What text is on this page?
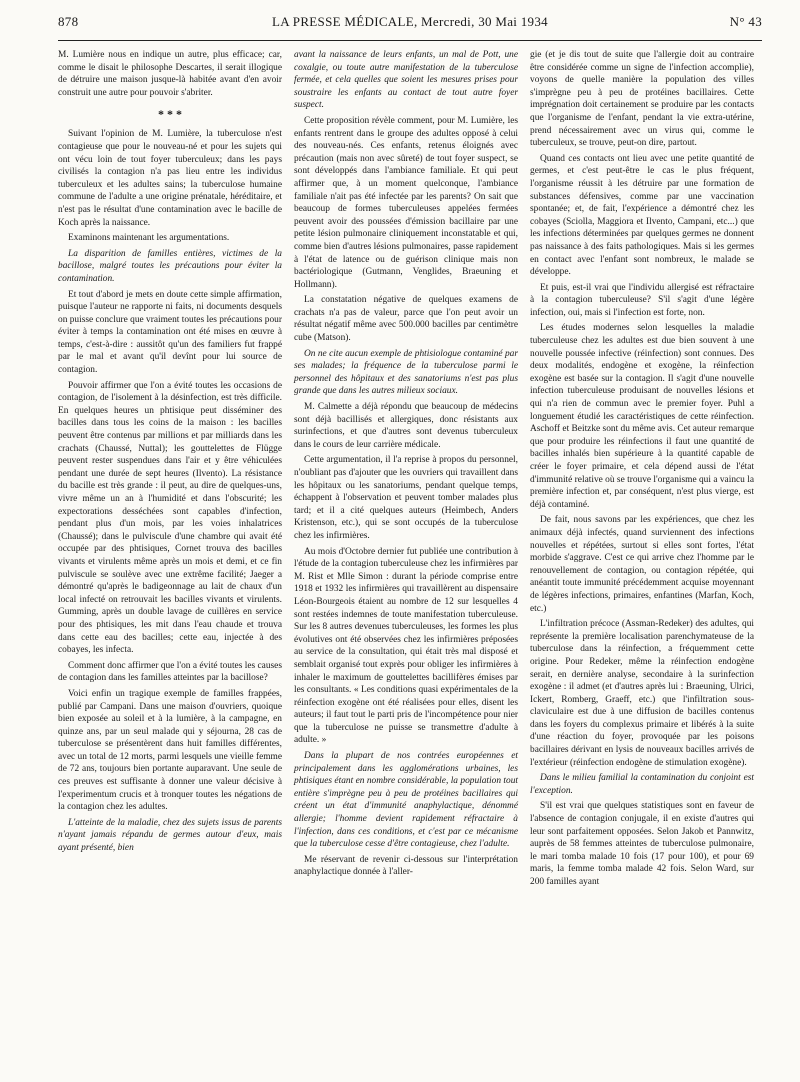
878	LA PRESSE MÉDICALE, Mercredi, 30 Mai 1934	N° 43

M. Lumière nous en indique un autre, plus efficace; car, comme le disait le philosophe Descartes, il serait illogique de détruire une maison jusque-là habitée avant d'en avoir construit une autre pour pouvoir s'abriter.

* * *

Suivant l'opinion de M. Lumière, la tuberculose n'est contagieuse que pour le nouveau-né et pour les sujets qui ont vécu loin de tout foyer tuberculeux; dans les pays civilisés la contagion n'a pas lieu entre les individus tuberculeux et les adultes sains; la tuberculose humaine commune de l'adulte a une origine prénatale, héréditaire, et n'est pas le résultat d'une contamination avec le bacille de Koch après la naissance.

Examinons maintenant les argumentations.

La disparition de familles entières, victimes de la bacillose, malgré toutes les précautions pour éviter la contamination.

Et tout d'abord je mets en doute cette simple affirmation, puisque l'auteur ne rapporte ni faits, ni documents desquels on puisse conclure que vraiment toutes les précautions pour éviter à temps la contamination ont été mises en œuvre à temps, c'est-à-dire : aussitôt qu'un des familiers fut frappé par le mal et avant qu'il devînt pour lui source de contagion.

Pouvoir affirmer que l'on a évité toutes les occasions de contagion, de l'isolement à la désinfection, est très difficile. En quelques heures un phtisique peut disséminer des bacilles dans tous les coins de la maison : les bacilles peuvent être contenus par millions et par milliards dans les crachats (Chaussé, Nuttal); les gouttelettes de Flügge peuvent rester suspendues dans l'air et y être véhiculées pendant une durée de sept heures (Ilvento). La résistance du bacille est très grande : il peut, au dire de quelques-uns, vivre même un an à l'humidité et dans l'obscurité; les expectorations desséchées sont capables d'infection, pendant plus d'un mois, par les voies inhalatrices (Chaussé); dans le pulviscule d'une chambre qui avait été occupée par des phtisiques, Cornet trouva des bacilles vivants et virulents même après un mois et demi, et ce fin pulviscule se soulève avec une extrême facilité; Jaeger a démontré qu'après le badigeonnage au lait de chaux d'un local infecté on retrouvait les bacilles vivants et virulents. Gumming, après un double lavage de cuillères en service pour des phtisiques, les mit dans l'eau chaude et trouva dans cette eau des bacilles; cette eau, injectée à des cobayes, les infecta.

Comment donc affirmer que l'on a évité toutes les causes de contagion dans les familles atteintes par la bacillose?

Voici enfin un tragique exemple de familles frappées, publié par Campani. Dans une maison d'ouvriers, quoique bien exposée au soleil et à la lumière, à la campagne, en quinze ans, par un seul malade qui y séjourna, 28 cas de tuberculose se présentèrent dans huit familles différentes, avec un total de 12 morts, parmi lesquels une vieille femme de 72 ans, toujours bien portante auparavant. Une seule de ces preuves est suffisante à donner une valeur décisive à l'experimentum crucis et à tronquer toutes les négations de la contagion chez les adultes.

L'atteinte de la maladie, chez des sujets issus de parents n'ayant jamais répandu de germes autour d'eux, mais ayant présenté, bien

avant la naissance de leurs enfants, un mal de Pott, une coxalgie, ou toute autre manifestation de la tuberculose fermée, et cela quelles que soient les mesures prises pour soustraire les enfants au contact de tout autre foyer suspect.

Cette proposition révèle comment, pour M. Lumière, les enfants rentrent dans le groupe des adultes opposé à celui des nouveau-nés. Ces enfants, retenus éloignés avec précaution (mais non avec sûreté) de tout foyer suspect, se sont développés dans l'ambiance familiale. Et qui peut affirmer que, à un moment quelconque, l'ambiance familiale n'ait pas été infectée par les parents? On sait que beaucoup de formes tuberculeuses appelées fermées peuvent avoir des poussées d'émission bacillaire par une petite lésion pulmonaire cliniquement inconstatable et qui, comme bien d'autres lésions pulmonaires, passe rapidement à l'état de latence ou de guérison clinique mais non bactériologique (Gutmann, Venglides, Braeuning et Hollmann).

La constatation négative de quelques examens de crachats n'a pas de valeur, parce que l'on peut avoir un résultat négatif même avec 500.000 bacilles par centimètre cube (Matson).

On ne cite aucun exemple de phtisiologue contaminé par ses malades; la fréquence de la tuberculose parmi le personnel des hôpitaux et des sanatoriums n'est pas plus grande que dans les autres milieux sociaux.

M. Calmette a déjà répondu que beaucoup de médecins sont déjà bacillisés et allergiques, donc résistants aux surinfections, et que d'autres sont devenus tuberculeux dans le cours de leur carrière médicale.

Cette argumentation, il l'a reprise à propos du personnel, n'oubliant pas d'ajouter que les ouvriers qui travaillent dans les hôpitaux ou les sanatoriums, pendant quelque temps, échappent à l'observation et peuvent tomber malades plus tard; et il a cité quelques auteurs (Heimbech, Anders Kristenson, etc.), qui se sont occupés de la tuberculose chez les infirmières.

Au mois d'Octobre dernier fut publiée une contribution à l'étude de la contagion tuberculeuse chez les infirmières par M. Rist et Mlle Simon : durant la période comprise entre 1918 et 1932 les infirmières qui travaillèrent au dispensaire Léon-Bourgeois étaient au nombre de 12 sur lesquelles 4 sont restées indemnes de toute manifestation tuberculeuse. Sur les 8 autres devenues tuberculeuses, les formes les plus évolutives ont été observées chez les infirmières préposées au service de la consultation, qui était très mal disposé et semblait organisé tout exprès pour obliger les infirmières à inhaler le maximum de gouttelettes bacillifères émises par les consultants. « Les conditions quasi expérimentales de la réinfection exogène ont été réalisées pour elles, disent les auteurs; il faut tout le parti pris de l'incompétence pour nier que la tuberculose ne puisse se transmettre d'adulte à adulte. »

Dans la plupart de nos contrées européennes et principalement dans les agglomérations urbaines, les phtisiques étant en nombre considérable, la population tout entière s'imprègne peu à peu de protéines bacillaires qui créent un état d'immunité anaphylactique, dénommé allergie; l'homme devient rapidement réfractaire à l'infection, dans ces conditions, et c'est par ce mécanisme que la tuberculose cesse d'être contagieuse, chez l'adulte.

Me réservant de revenir ci-dessous sur l'interprétation anaphylactique donnée à l'aller-

gie (et je dis tout de suite que l'allergie doit au contraire être considérée comme un signe de l'infection accomplie), voyons de quelle manière la population des villes s'imprègne peu à peu de protéines bacillaires. Cette imprégnation doit certainement se produire par les contacts que l'organisme de l'enfant, pendant la vie extra-utérine, prend nécessairement avec un virus qui, comme le tuberculeux, se trouve, peut-on dire, partout.

Quand ces contacts ont lieu avec une petite quantité de germes, et c'est peut-être le cas le plus fréquent, l'organisme réussit à les détruire par une formation de substances défensives, comme par une vaccination spontanée; et, de fait, l'expérience a démontré chez les cobayes (Sciolla, Maggiora et Ilvento, Campani, etc...) que les infections déterminées par quelques germes ne donnent pas naissance à des faits pathologiques. Mais si les germes en contact avec l'enfant sont nombreux, le malade se développe.

Et puis, est-il vrai que l'individu allergisé est réfractaire à la contagion tuberculeuse? S'il s'agit d'une légère infection, oui, mais si l'infection est forte, non.

Les études modernes selon lesquelles la maladie tuberculeuse chez les adultes est due bien souvent à une nouvelle poussée infective (réinfection) sont connues. Des deux modalités, endogène et exogène, la réinfection exogène est basée sur la contagion. Il s'agit d'une nouvelle infection tuberculeuse produisant de nouvelles lésions et qui n'a rien de commun avec le premier foyer. Puhl a longuement étudié les caractéristiques de cette réinfection. Aschoff et Beitzke sont du même avis. Cet auteur remarque que pour produire les réinfections il faut une quantité de bacilles inhalés bien supérieure à la quantité capable de créer le foyer primaire, et cela dépend aussi de l'état d'immunité relative où se trouve l'organisme qui a vaincu la première infection et, par conséquent, n'est plus vierge, est déjà contaminé.

De fait, nous savons par les expériences, que chez les animaux déjà infectés, quand surviennent des infections nouvelles et répétées, surtout si elles sont fortes, l'état morbide s'aggrave. C'est ce qui arrive chez l'homme par le renouvellement de contagion, ou contagion répétée, qui anéantit toute immunité précédemment acquise moyennant de légères infections, primaires, enfantines (Marfan, Koch, etc.)

L'infiltration précoce (Assman-Redeker) des adultes, qui représente la première localisation parenchymateuse de la tuberculose dans la réinfection, a fréquemment cette origine. Pour Redeker, même la réinfection endogène serait, en dernière analyse, secondaire à la surinfection exogène : il admet (et d'autres après lui : Braeuning, Ulrici, Ickert, Romberg, Graeff, etc.) que l'infiltration sous-claviculaire est due à une diffusion de bacilles contenus dans les foyers du complexus primaire et libérés à la suite d'une réaction du foyer, provoquée par les poisons bacillaires dérivant en lysis de nouveaux bacilles arrivés de l'extérieur (réinfection endogène de stimulation exogène).

Dans le milieu familial la contamination du conjoint est l'exception.

S'il est vrai que quelques statistiques sont en faveur de l'absence de contagion conjugale, il en existe d'autres qui leur sont parfaitement opposées. Selon Jakob et Pannwitz, auprès de 58 femmes atteintes de tuberculose pulmonaire, le mari tomba malade 10 fois (17 pour 100), et pour 69 maris, la femme tomba malade 42 fois. Selon Ward, sur 200 familles ayant
